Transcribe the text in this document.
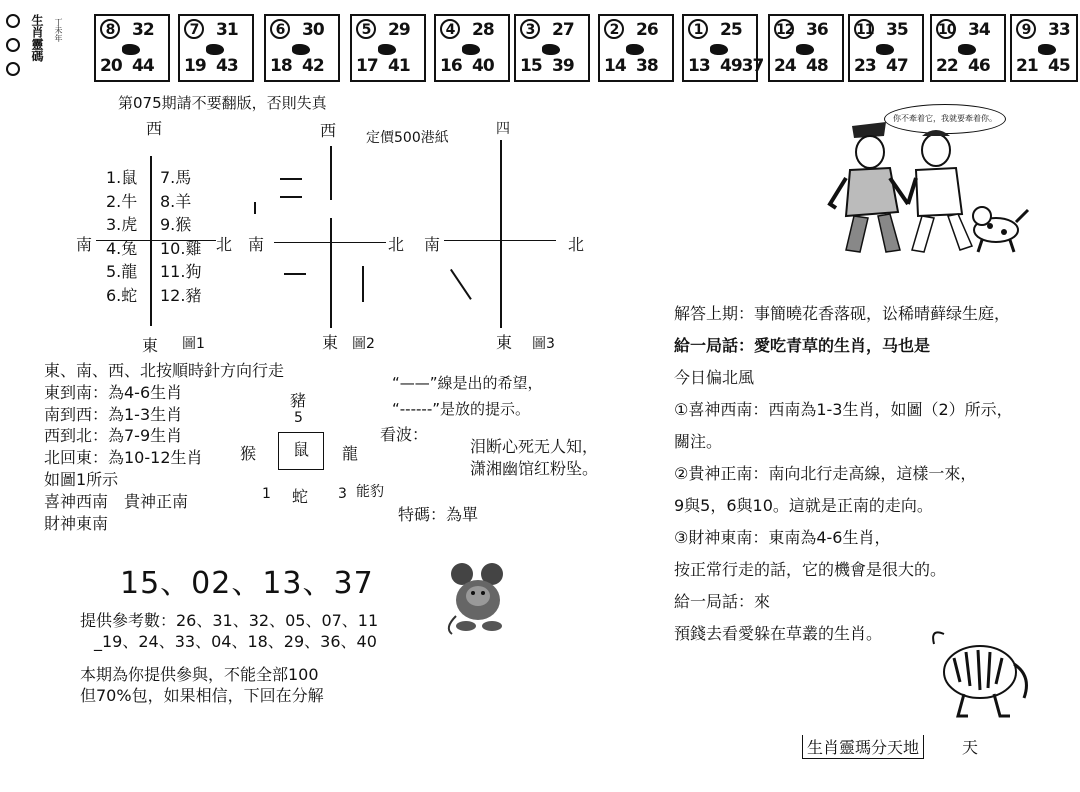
生肖靈碼 丁未年	8	32
20 44
7	31
19 43
6	30
18 42
5	29
17 41
4	28
16 40
3	27
15 39
2	26
14 38
1	25
13 4937
12 36
24 48
11 35
23 47
10 34
22 46
9	33
21 45
第075期請不要翻版，否則失真
定價500港紙
西
南	北
1.鼠
2.牛
3.虎
4.兔
5.龍
6.蛇
7.馬
8.羊
9.猴
10.雞
11.狗
12.豬
東 圖1
西
南	北
東 圖2
四
南	北
東 圖3
東、南、西、北按順時針方向行走
東到南：為4-6生肖
南到西：為1-3生肖
西到北：為7-9生肖
北回東：為10-12生肖
如圖1所示
喜神西南　貴神正南
財神東南
“——”線是出的希望，
“------”是放的提示。
豬
5
猴	鼠	龍
1 蛇 3 能豹
看波：
泪断心死无人知，
潇湘幽馆红粉坠。
特碼：為單
15、02、13、37
提供參考數：26、31、32、05、07、11
_19、24、33、04、18、29、36、40
本期為你提供參與，不能全部100
但70%包，如果相信，下回在分解
你不牽着它，我就要牽着你。
解答上期：事簡曉花香落砚，讼稀晴藓绿生庭，
給一局話：愛吃青草的生肖，马也是
今日偏北風
①喜神西南：西南為1-3生肖，如圖（2）所示，
關注。
②貴神正南：南向北行走高線，這樣一來，
9與5，6與10。這就是正南的走向。
③財神東南：東南為4-6生肖，
按正常行走的話，它的機會是很大的。
給一局話：來
預錢去看愛躲在草叢的生肖。
生肖靈瑪分天地	天
